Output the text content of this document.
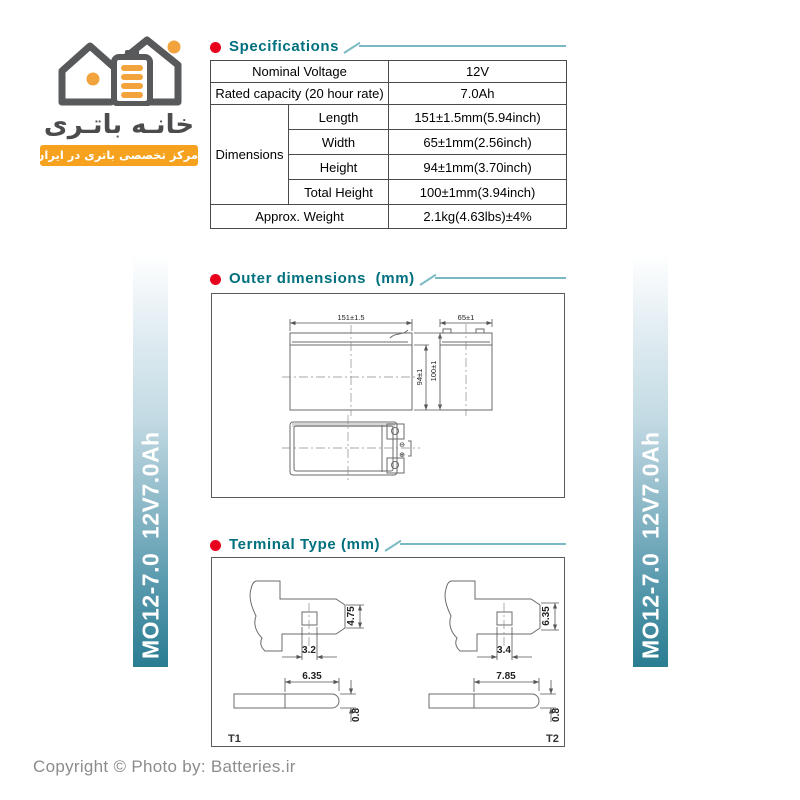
خانـه باتـری
مرکز تخصصی باتری در ایران
Specifications
Nominal Voltage		12V
Rated capacity (20 hour rate)		7.0Ah
Dimensions	Length	151±1.5mm(5.94inch)
	Width	65±1mm(2.56inch)
	Height	94±1mm(3.70inch)
	Total Height	100±1mm(3.94inch)
Approx. Weight		2.1kg(4.63lbs)±4%
MO12-7.0  12V7.0Ah	MO12-7.0  12V7.0Ah
Outer dimensions  (mm)
151±1.5
94±1 100±1
65±1
⊖
⊕
Terminal Type (mm)
4.75
3.2
6.35
0.8
T1
6.35
3.4
7.85
0.8
T2
Copyright © Photo by: Batteries.ir
